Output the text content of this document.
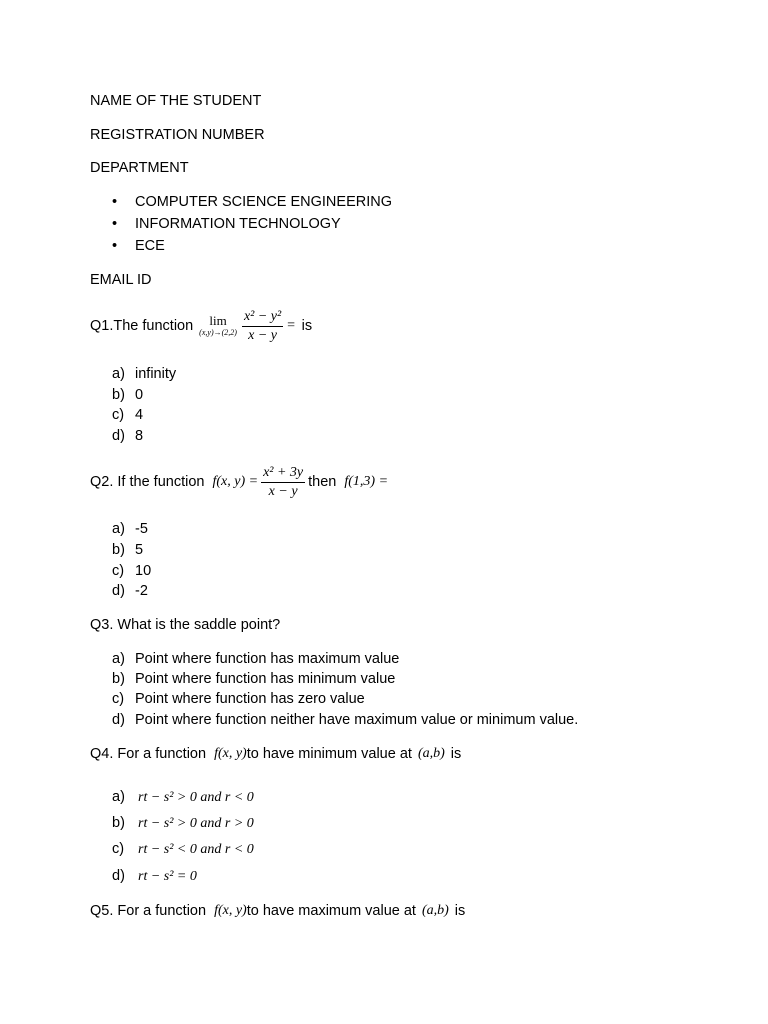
NAME OF THE STUDENT
REGISTRATION NUMBER
DEPARTMENT
• COMPUTER SCIENCE ENGINEERING
• INFORMATION TECHNOLOGY
• ECE
EMAIL ID
Q1.The function	lim
$(x,y)\to(2,2) \frac{\text{x² − y²}}{x - y}$ = is
a) infinity
b) 0
c) 4
d) 8
Q2. If the function f(x, $y) = \frac{\text{x² + 3y}}{x - y}$ then f(1,3) =
a) -5
b) 5
c) 10
d) -2
Q3. What is the saddle point?
a) Point where function has maximum value
b) Point where function has minimum value
c) Point where function has zero value
d) Point where function neither have maximum value or minimum value.
Q4. For a function f(x, y) to have minimum value at (a,b) is
a) rt − s² > 0 and r < 0
b) rt − s² > 0 and r > 0
c) rt − s² < 0 and r < 0
d) rt − s² = 0
Q5. For a function f(x, y) to have maximum value at (a,b) is
